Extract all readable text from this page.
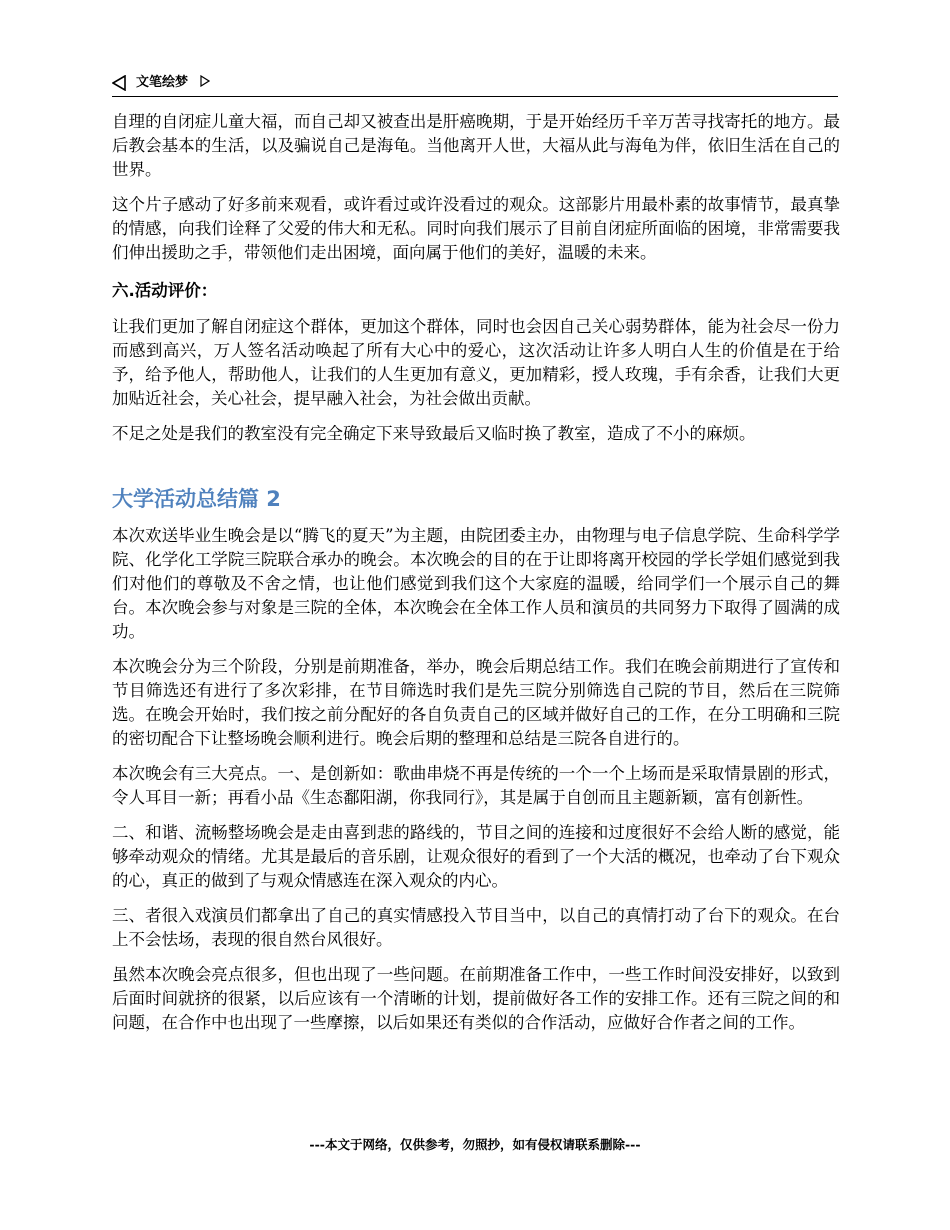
文笔绘梦

自理的自闭症儿童大福，而自己却又被查出是肝癌晚期，于是开始经历千辛万苦寻找寄托的地方。最后教会基本的生活，以及骗说自己是海龟。当他离开人世，大福从此与海龟为伴，依旧生活在自己的世界。

这个片子感动了好多前来观看，或许看过或许没看过的观众。这部影片用最朴素的故事情节，最真挚的情感，向我们诠释了父爱的伟大和无私。同时向我们展示了目前自闭症所面临的困境，非常需要我们伸出援助之手，带领他们走出困境，面向属于他们的美好，温暖的未来。

六.活动评价：

让我们更加了解自闭症这个群体，更加这个群体，同时也会因自己关心弱势群体，能为社会尽一份力而感到高兴，万人签名活动唤起了所有大心中的爱心，这次活动让许多人明白人生的价值是在于给予，给予他人，帮助他人，让我们的人生更加有意义，更加精彩，授人玫瑰，手有余香，让我们大更加贴近社会，关心社会，提早融入社会，为社会做出贡献。

不足之处是我们的教室没有完全确定下来导致最后又临时换了教室，造成了不小的麻烦。

大学活动总结篇 2

本次欢送毕业生晚会是以“腾飞的夏天”为主题，由院团委主办，由物理与电子信息学院、生命科学学院、化学化工学院三院联合承办的晚会。本次晚会的目的在于让即将离开校园的学长学姐们感觉到我们对他们的尊敬及不舍之情，也让他们感觉到我们这个大家庭的温暖，给同学们一个展示自己的舞台。本次晚会参与对象是三院的全体，本次晚会在全体工作人员和演员的共同努力下取得了圆满的成功。

本次晚会分为三个阶段，分别是前期准备，举办，晚会后期总结工作。我们在晚会前期进行了宣传和节目筛选还有进行了多次彩排，在节目筛选时我们是先三院分别筛选自己院的节目，然后在三院筛选。在晚会开始时，我们按之前分配好的各自负责自己的区域并做好自己的工作，在分工明确和三院的密切配合下让整场晚会顺利进行。晚会后期的整理和总结是三院各自进行的。

本次晚会有三大亮点。一、是创新如：歌曲串烧不再是传统的一个一个上场而是采取情景剧的形式，令人耳目一新；再看小品《生态鄱阳湖，你我同行》，其是属于自创而且主题新颖，富有创新性。

二、和谐、流畅整场晚会是走由喜到悲的路线的，节目之间的连接和过度很好不会给人断的感觉，能够牵动观众的情绪。尤其是最后的音乐剧，让观众很好的看到了一个大活的概况，也牵动了台下观众的心，真正的做到了与观众情感连在深入观众的内心。

三、者很入戏演员们都拿出了自己的真实情感投入节目当中，以自己的真情打动了台下的观众。在台上不会怯场，表现的很自然台风很好。

虽然本次晚会亮点很多，但也出现了一些问题。在前期准备工作中，一些工作时间没安排好，以致到后面时间就挤的很紧，以后应该有一个清晰的计划，提前做好各工作的安排工作。还有三院之间的和问题，在合作中也出现了一些摩擦，以后如果还有类似的合作活动，应做好合作者之间的工作。

---本文于网络，仅供参考，勿照抄，如有侵权请联系删除---
